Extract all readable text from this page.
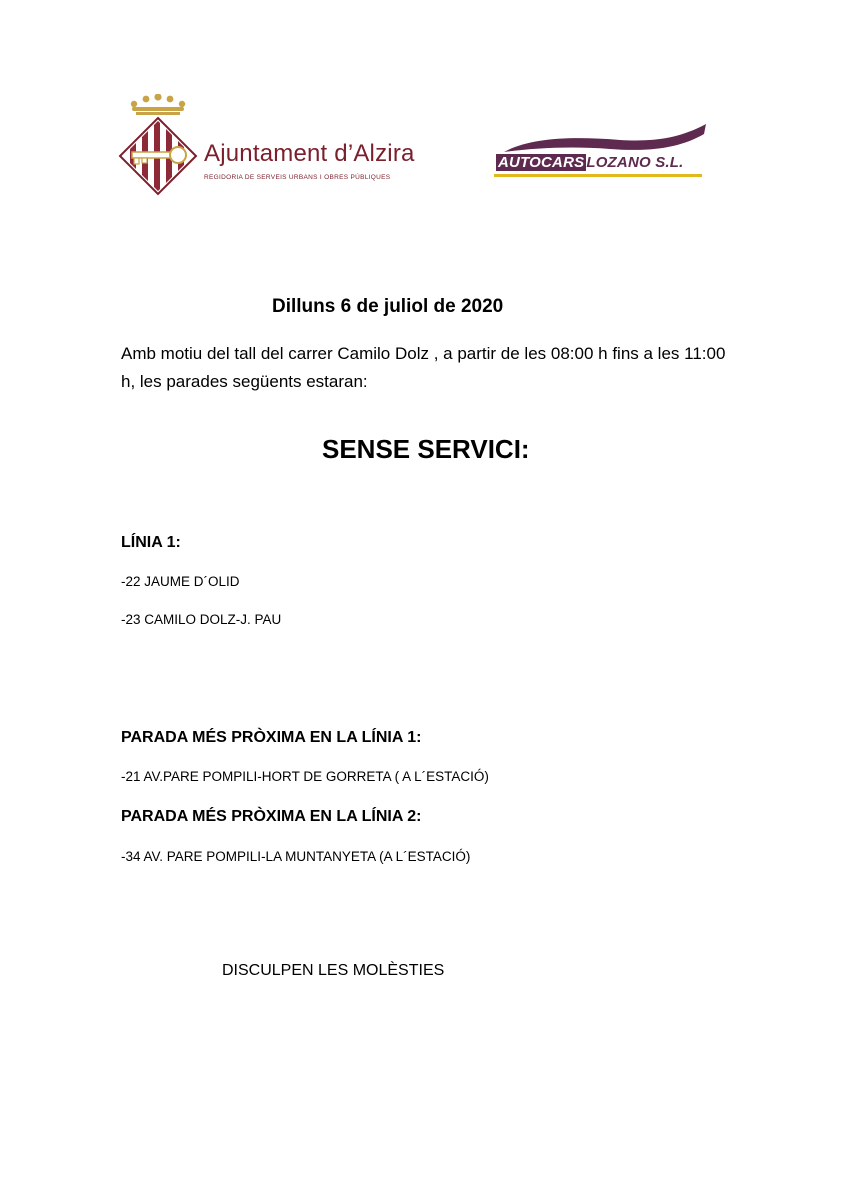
Ajuntament d’Alzira
REGIDORIA DE SERVEIS URBANS I OBRES PÚBLIQUES
AUTOCARS LOZANO S.L.
Dilluns 6 de juliol de 2020
Amb motiu del tall del carrer Camilo Dolz , a partir de les 08:00 h fins a les 11:00 h, les parades següents estaran:
SENSE SERVICI:
LÍNIA 1:
-22 JAUME D´OLID
-23 CAMILO DOLZ-J. PAU
PARADA MÉS PRÒXIMA EN LA LÍNIA 1:
-21 AV.PARE POMPILI-HORT DE GORRETA ( A L´ESTACIÓ)
PARADA MÉS PRÒXIMA EN LA LÍNIA 2:
-34 AV. PARE POMPILI-LA MUNTANYETA (A L´ESTACIÓ)
DISCULPEN LES MOLÈSTIES
